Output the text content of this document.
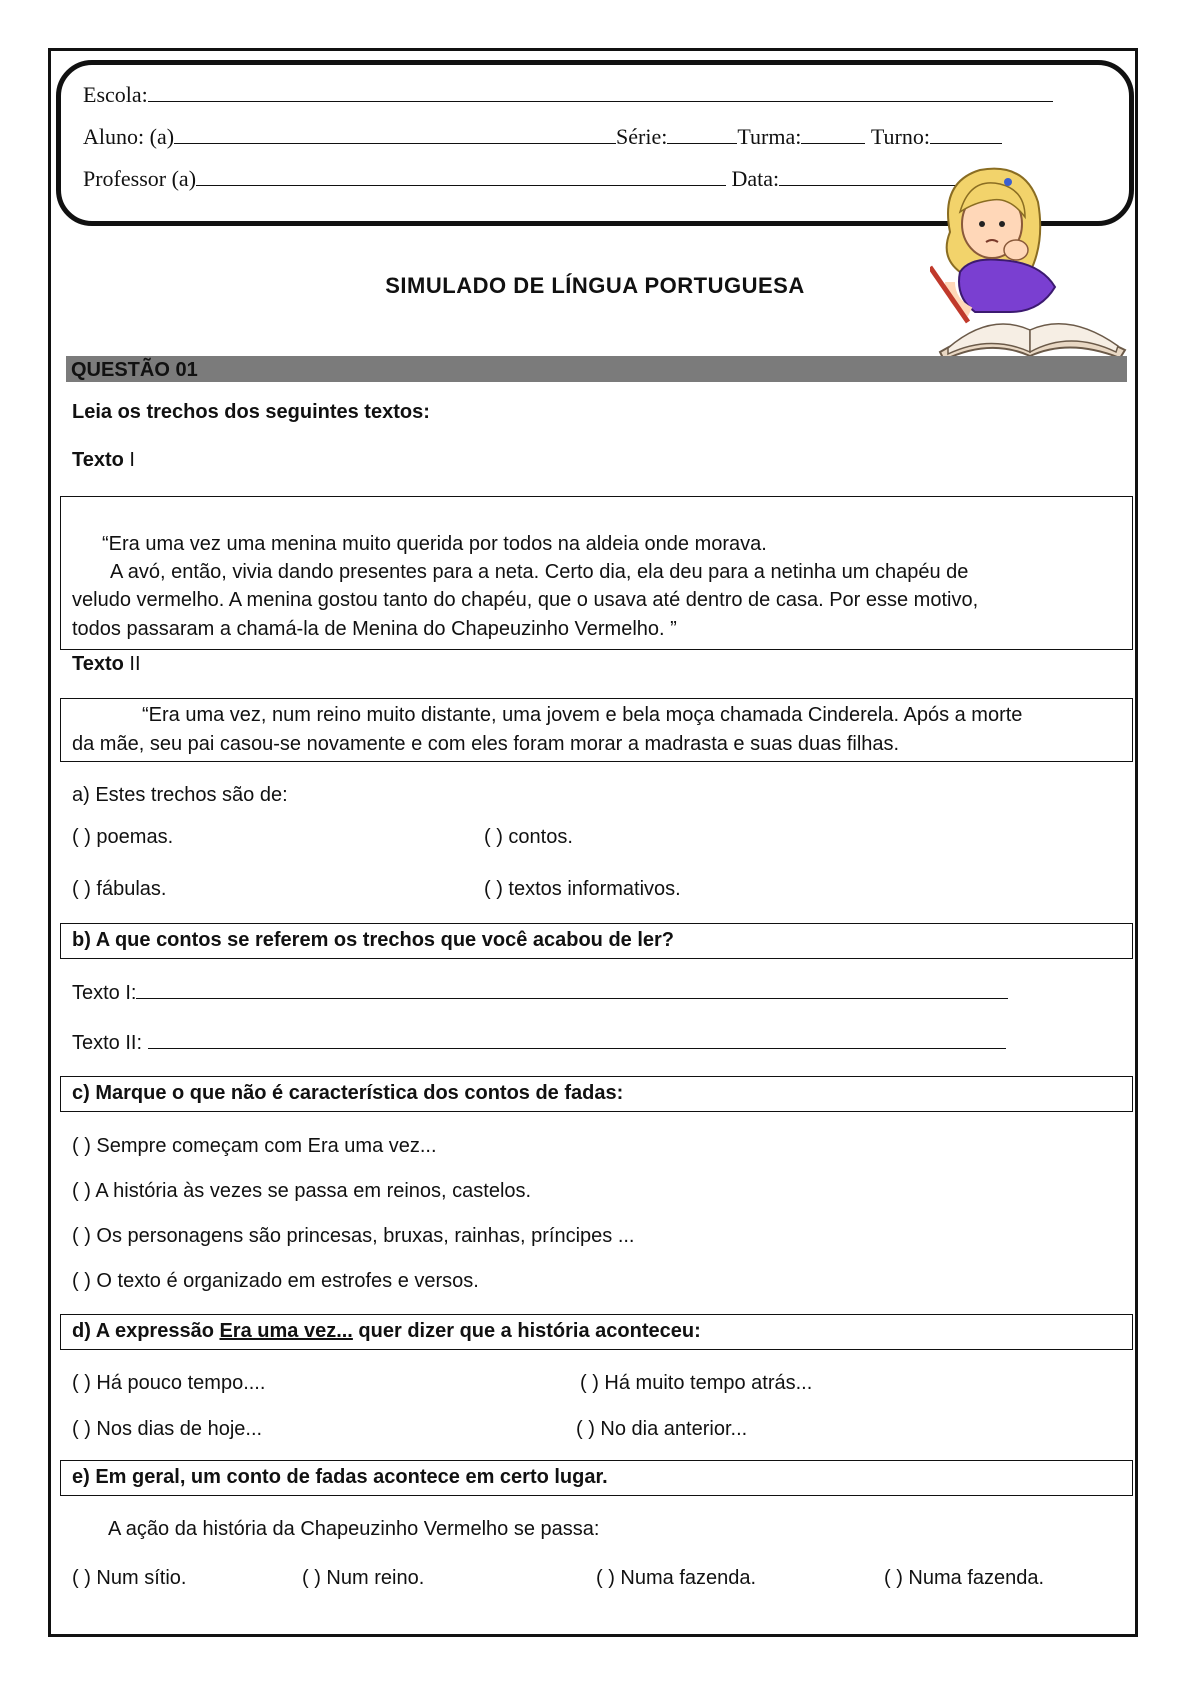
Escola:
Aluno: (a)	Série:	Turma:	Turno:
Professor (a)	Data:
SIMULADO DE LÍNGUA PORTUGUESA
QUESTÃO 01
Leia os trechos dos seguintes textos:
Texto I
“Era uma vez uma menina muito querida por todos na aldeia onde morava.
A avó, então, vivia dando presentes para a neta. Certo dia, ela deu para a netinha um chapéu de
veludo vermelho. A menina gostou tanto do chapéu, que o usava até dentro de casa. Por esse motivo,
todos passaram a chamá-la de Menina do Chapeuzinho Vermelho. ”
Texto II
“Era uma vez, num reino muito distante, uma jovem e bela moça chamada Cinderela. Após a morte
da mãe, seu pai casou-se novamente e com eles foram morar a madrasta e suas duas filhas.
a) Estes trechos são de:
( ) poemas.	( ) contos.
( ) fábulas.	( ) textos informativos.
b) A que contos se referem os trechos que você acabou de ler?
Texto I:
Texto II:
c) Marque o que não é característica dos contos de fadas:
( ) Sempre começam com Era uma vez...
( ) A história às vezes se passa em reinos, castelos.
( ) Os personagens são princesas, bruxas, rainhas, príncipes ...
( ) O texto é organizado em estrofes e versos.
d) A expressão Era uma vez... quer dizer que a história aconteceu:
( ) Há pouco tempo....	( ) Há muito tempo atrás...
( ) Nos dias de hoje...	( ) No dia anterior...
e) Em geral, um conto de fadas acontece em certo lugar.
A ação da história da Chapeuzinho Vermelho se passa:
( ) Num sítio.	( ) Num reino.	( ) Numa fazenda.	( ) Numa fazenda.
